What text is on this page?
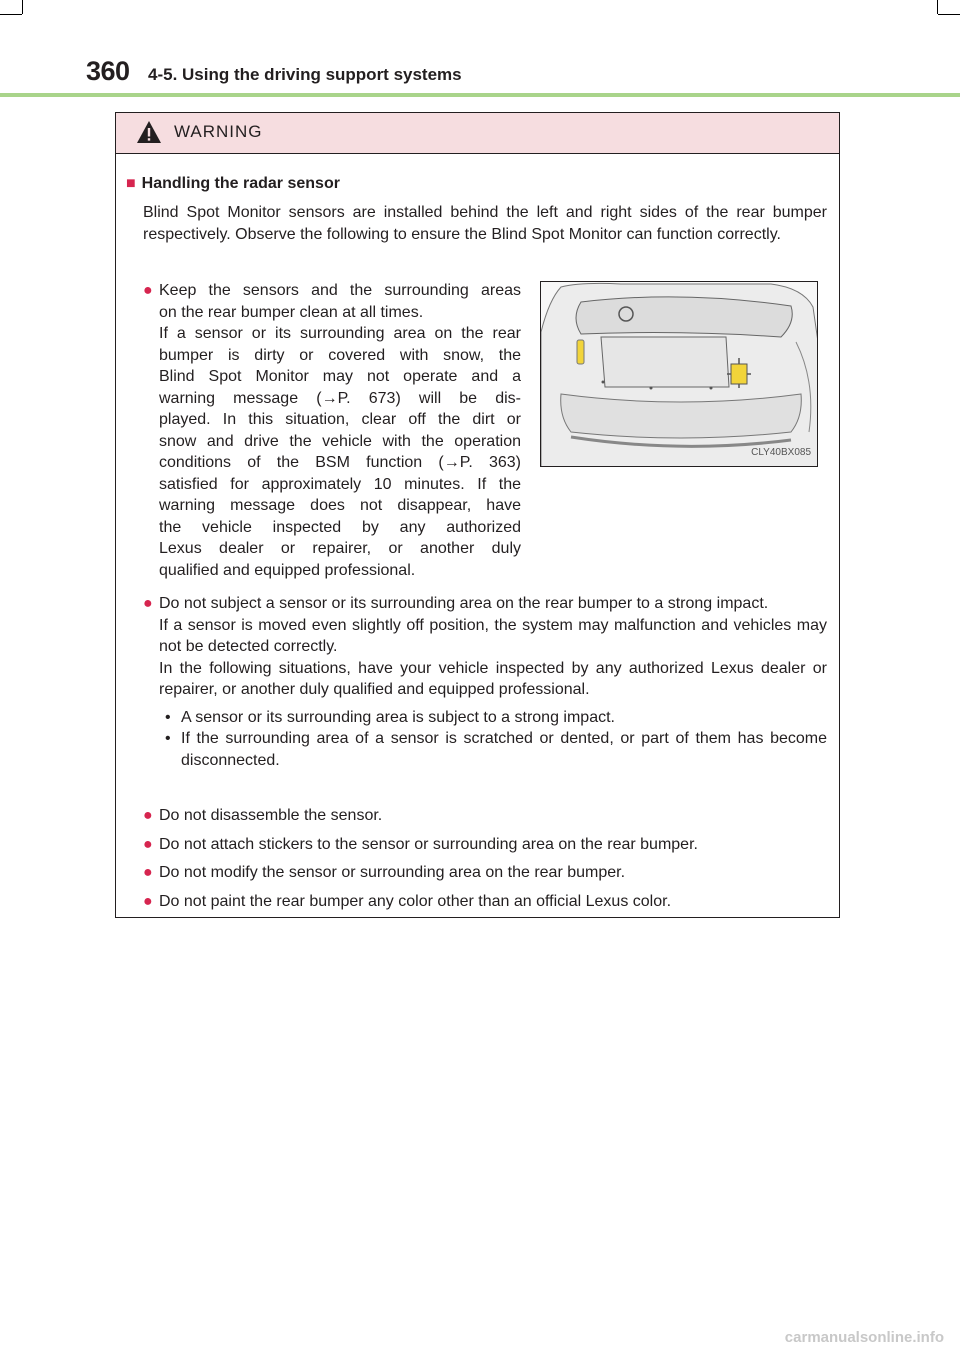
360 4-5. Using the driving support systems
WARNING
■ Handling the radar sensor
Blind Spot Monitor sensors are installed behind the left and right sides of the rear bumper respectively. Observe the following to ensure the Blind Spot Monitor can function correctly.
● Keep the sensors and the surrounding areas
on the rear bumper clean at all times.
If a sensor or its surrounding area on the rear
bumper is dirty or covered with snow, the
Blind Spot Monitor may not operate and a
warning message (→P. 673) will be dis-
played. In this situation, clear off the dirt or
snow and drive the vehicle with the operation
conditions of the BSM function (→P. 363)
satisfied for approximately 10 minutes. If the
warning message does not disappear, have
the vehicle inspected by any authorized
Lexus dealer or repairer, or another duly
qualified and equipped professional.
CLY40BX085
● Do not subject a sensor or its surrounding area on the rear bumper to a strong impact.
If a sensor is moved even slightly off position, the system may malfunction and vehicles may not be detected correctly.
In the following situations, have your vehicle inspected by any authorized Lexus dealer or repairer, or another duly qualified and equipped professional.
• A sensor or its surrounding area is subject to a strong impact.
• If the surrounding area of a sensor is scratched or dented, or part of them has become disconnected.
● Do not disassemble the sensor.
● Do not attach stickers to the sensor or surrounding area on the rear bumper.
● Do not modify the sensor or surrounding area on the rear bumper.
● Do not paint the rear bumper any color other than an official Lexus color.
carmanualsonline.info
